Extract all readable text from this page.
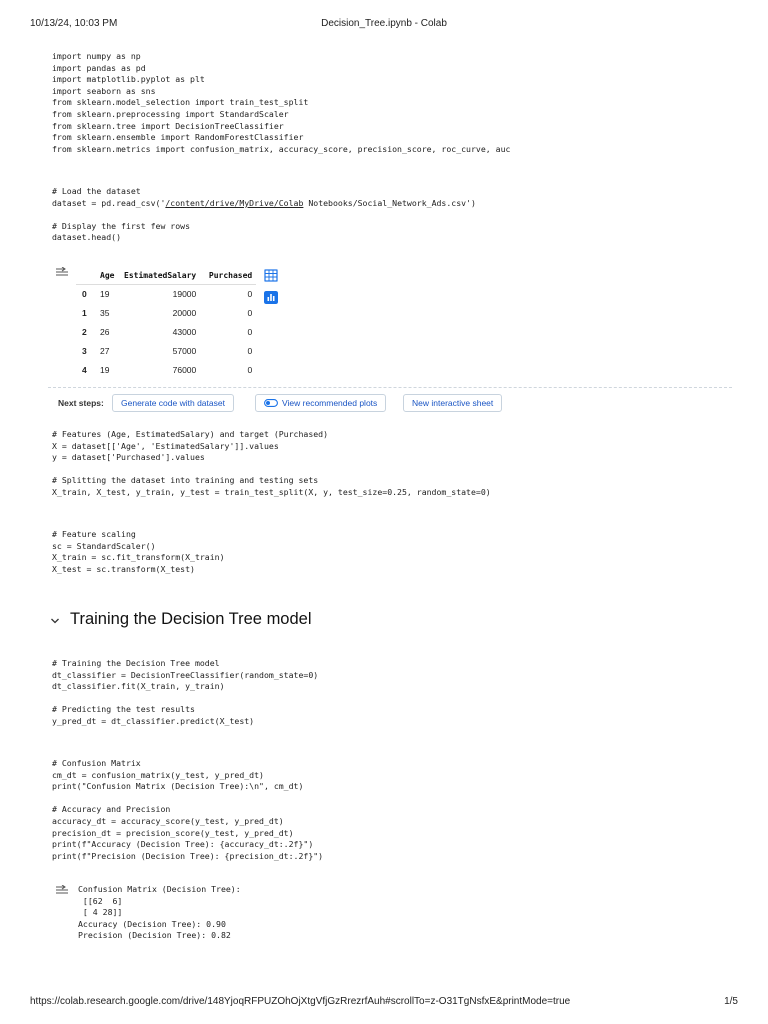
10/13/24, 10:03 PM	Decision_Tree.ipynb - Colab
import numpy as np
import pandas as pd
import matplotlib.pyplot as plt
import seaborn as sns
from sklearn.model_selection import train_test_split
from sklearn.preprocessing import StandardScaler
from sklearn.tree import DecisionTreeClassifier
from sklearn.ensemble import RandomForestClassifier
from sklearn.metrics import confusion_matrix, accuracy_score, precision_score, roc_curve, auc
# Load the dataset
dataset = pd.read_csv('/content/drive/MyDrive/Colab Notebooks/Social_Network_Ads.csv')
# Display the first few rows
dataset.head()
	Age	EstimatedSalary	Purchased
0	19	19000	0
1	35	20000	0
2	26	43000	0
3	27	57000	0
4	19	76000	0
Next steps:	Generate code with dataset	View recommended plots	New interactive sheet
# Features (Age, EstimatedSalary) and target (Purchased)
X = dataset[['Age', 'EstimatedSalary']].values
y = dataset['Purchased'].values
# Splitting the dataset into training and testing sets
X_train, X_test, y_train, y_test = train_test_split(X, y, test_size=0.25, random_state=0)
# Feature scaling
sc = StandardScaler()
X_train = sc.fit_transform(X_train)
X_test = sc.transform(X_test)
Training the Decision Tree model
# Training the Decision Tree model
dt_classifier = DecisionTreeClassifier(random_state=0)
dt_classifier.fit(X_train, y_train)
# Predicting the test results
y_pred_dt = dt_classifier.predict(X_test)
# Confusion Matrix
cm_dt = confusion_matrix(y_test, y_pred_dt)
print("Confusion Matrix (Decision Tree):\n", cm_dt)
# Accuracy and Precision
accuracy_dt = accuracy_score(y_test, y_pred_dt)
precision_dt = precision_score(y_test, y_pred_dt)
print(f"Accuracy (Decision Tree): {accuracy_dt:.2f}")
print(f"Precision (Decision Tree): {precision_dt:.2f}")
Confusion Matrix (Decision Tree):
[[62  6]
[ 4 28]]
Accuracy (Decision Tree): 0.90
Precision (Decision Tree): 0.82
https://colab.research.google.com/drive/148YjoqRFPUZOhOjXtgVfjGzRrezrfAuh#scrollTo=z-O31TgNsfxE&printMode=true	1/5
